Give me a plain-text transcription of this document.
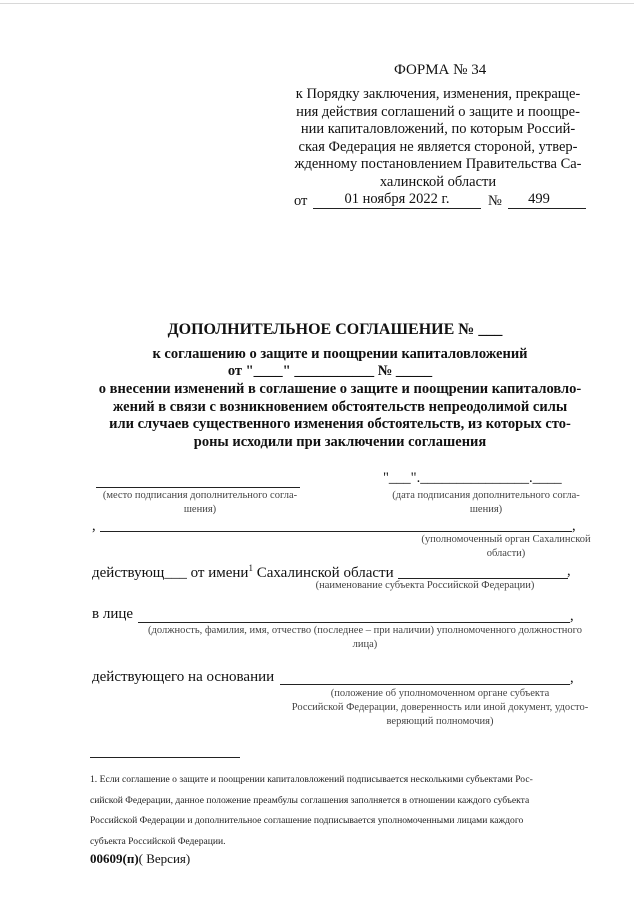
ФОРМА № 34
к Порядку заключения, изменения, прекраще-
ния действия соглашений о защите и поощре-
нии капиталовложений, по которым Россий-
ская Федерация не является стороной, утвер-
жденному постановлением Правительства Са-
халинской области
от	01 ноября 2022 г.	№	499
ДОПОЛНИТЕЛЬНОЕ СОГЛАШЕНИЕ № ___
к соглашению о защите и поощрении капиталовложений
от "____" ___________ № _____
о внесении изменений в соглашение о защите и поощрении капиталовло-
жений в связи с возникновением обстоятельств непреодолимой силы
или случаев существенного изменения обстоятельств, из которых сто-
роны исходили при заключении соглашения
(место подписания дополнительного согла-
шения)
"___"._______________.____
(дата подписания дополнительного согла-
шения)
,	,
(уполномоченный орган Сахалинской
области)
действующ___ от имени$^1$ Сахалинской области	,
(наименование субъекта Российской Федерации)
в лице	,
(должность, фамилия, имя, отчество (последнее – при наличии) уполномоченного должностного
лица)
действующего на основании	,
(положение об уполномоченном органе субъекта
Российской Федерации, доверенность или иной документ, удосто-
веряющий полномочия)
1. Если соглашение о защите и поощрении капиталовложений подписывается несколькими субъектами Рос-
сийской Федерации, данное положение преамбулы соглашения заполняется в отношении каждого субъекта
Российской Федерации и дополнительное соглашение подписывается уполномоченными лицами каждого
субъекта Российской Федерации.
00609(п)( Версия)
